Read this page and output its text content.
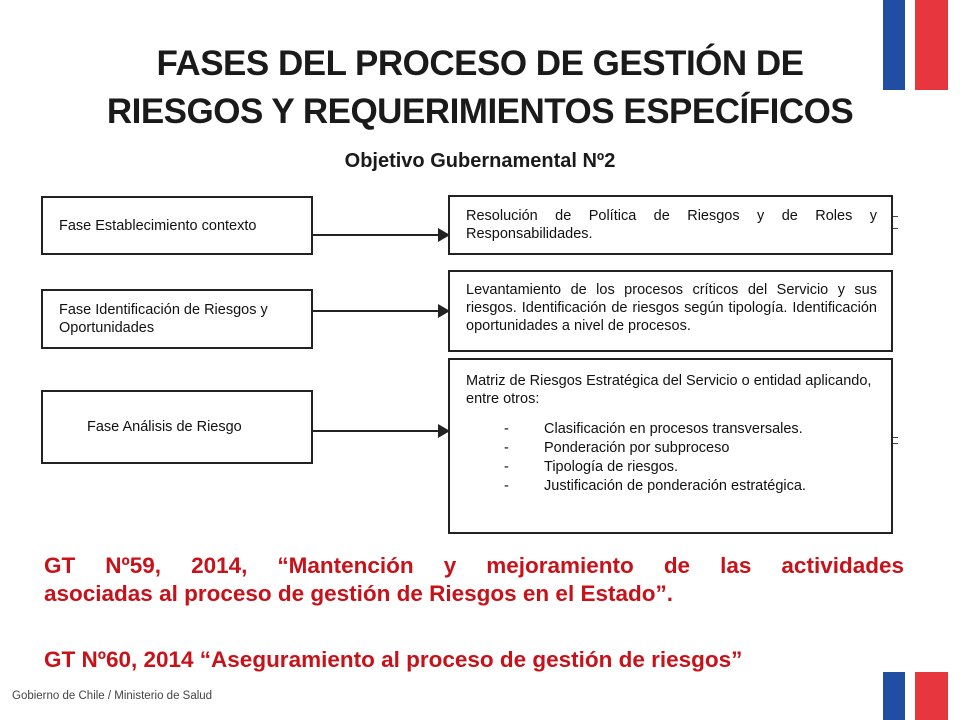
FASES DEL PROCESO DE GESTIÓN DE
RIESGOS Y REQUERIMIENTOS ESPECÍFICOS
Objetivo Gubernamental Nº2
Fase Establecimiento contexto
Fase Identificación de Riesgos y Oportunidades
Fase Análisis de Riesgo
Resolución de Política de Riesgos y de Roles y Responsabilidades.
Levantamiento de los procesos críticos del Servicio y sus riesgos. Identificación de riesgos según tipología. Identificación oportunidades a nivel de procesos.
Matriz de Riesgos Estratégica del Servicio o entidad aplicando, entre otros:
-	Clasificación en procesos transversales.
-	Ponderación por subproceso
-	Tipología de riesgos.
-	Justificación de ponderación estratégica.
GT Nº59, 2014, “Mantención y mejoramiento de las actividades
asociadas al proceso de gestión de Riesgos en el Estado”.
GT Nº60, 2014 “Aseguramiento al proceso de gestión de riesgos”
Gobierno de Chile / Ministerio de Salud
